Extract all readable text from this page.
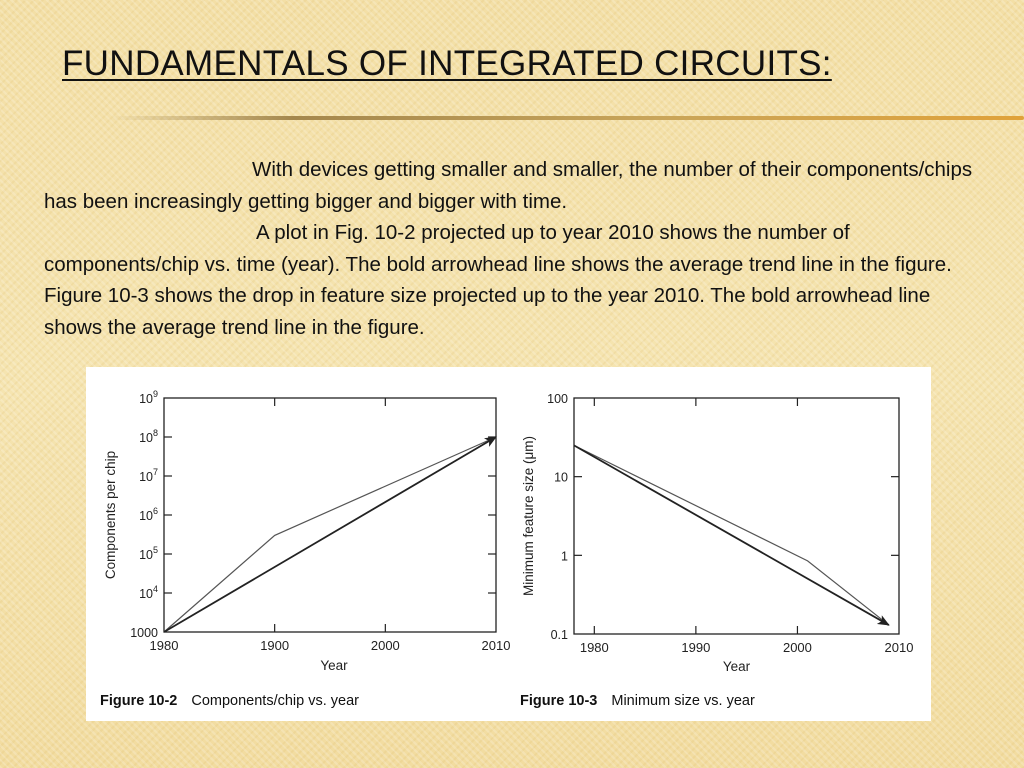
FUNDAMENTALS OF INTEGRATED CIRCUITS:

With devices getting smaller and smaller, the number of their components/chips has been increasingly getting bigger and bigger with time.

A plot in Fig. 10-2 projected up to year 2010 shows the number of components/chip vs. time (year). The bold arrowhead line shows the average trend line in the figure. Figure 10-3 shows the drop in feature size projected up to the year 2010. The bold arrowhead line shows the average trend line in the figure.

1000
$10^4$
$10^5$
$10^6$
$10^7$
$10^8$
$10^9$
1980	1900	2000	2010
Year
Components per chip
Figure 10-2 Components/chip vs. year
0.1
1
10
100
1980	1990	2000	2010
Year
Minimum feature size (μm)
Figure 10-3 Minimum size vs. year
